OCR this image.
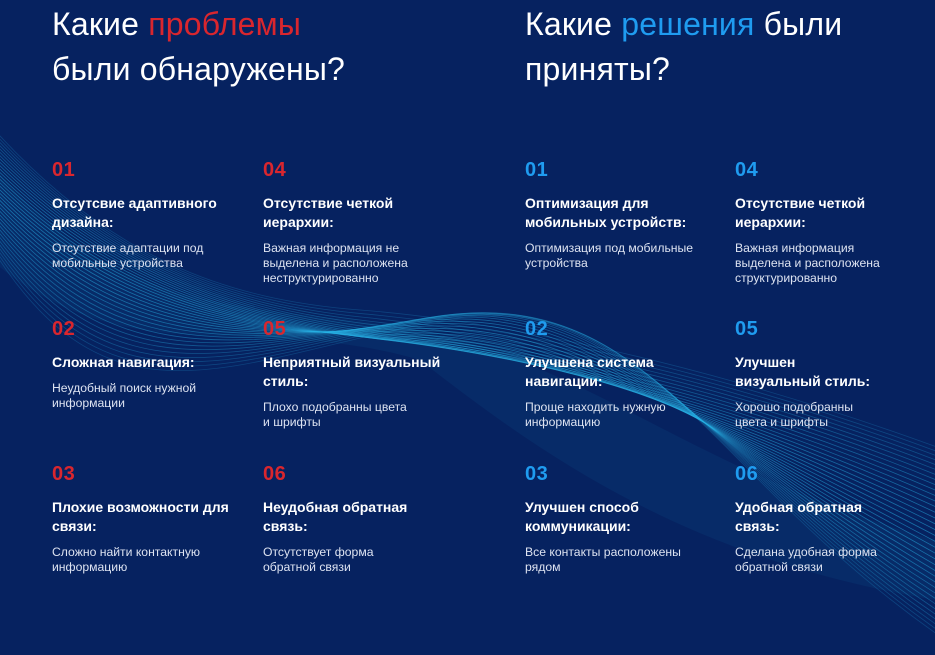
Какие проблемы
были обнаружены?
Какие решения были
приняты?
01
Отсутсвие адаптивного
дизайна:
Отсутствие адаптации под
мобильные устройства
02
Сложная навигация:
Неудобный поиск нужной
информации
03
Плохие возможности для
связи:
Сложно найти контактную
информацию
04
Отсутствие четкой
иерархии:
Важная информация не
выделена и расположена
неструктурированно
05
Неприятный визуальный
стиль:
Плохо подобранны цвета
и шрифты
06
Неудобная обратная
связь:
Отсутствует форма
обратной связи
01
Оптимизация для
мобильных устройств:
Оптимизация под мобильные
устройства
02
Улучшена система
навигации:
Проще находить нужную
информацию
03
Улучшен способ
коммуникации:
Все контакты расположены
рядом
04
Отсутствие четкой
иерархии:
Важная информация
выделена и расположена
структурированно
05
Улучшен
визуальный стиль:
Хорошо подобранны
цвета и шрифты
06
Удобная обратная
связь:
Сделана удобная форма
обратной связи
